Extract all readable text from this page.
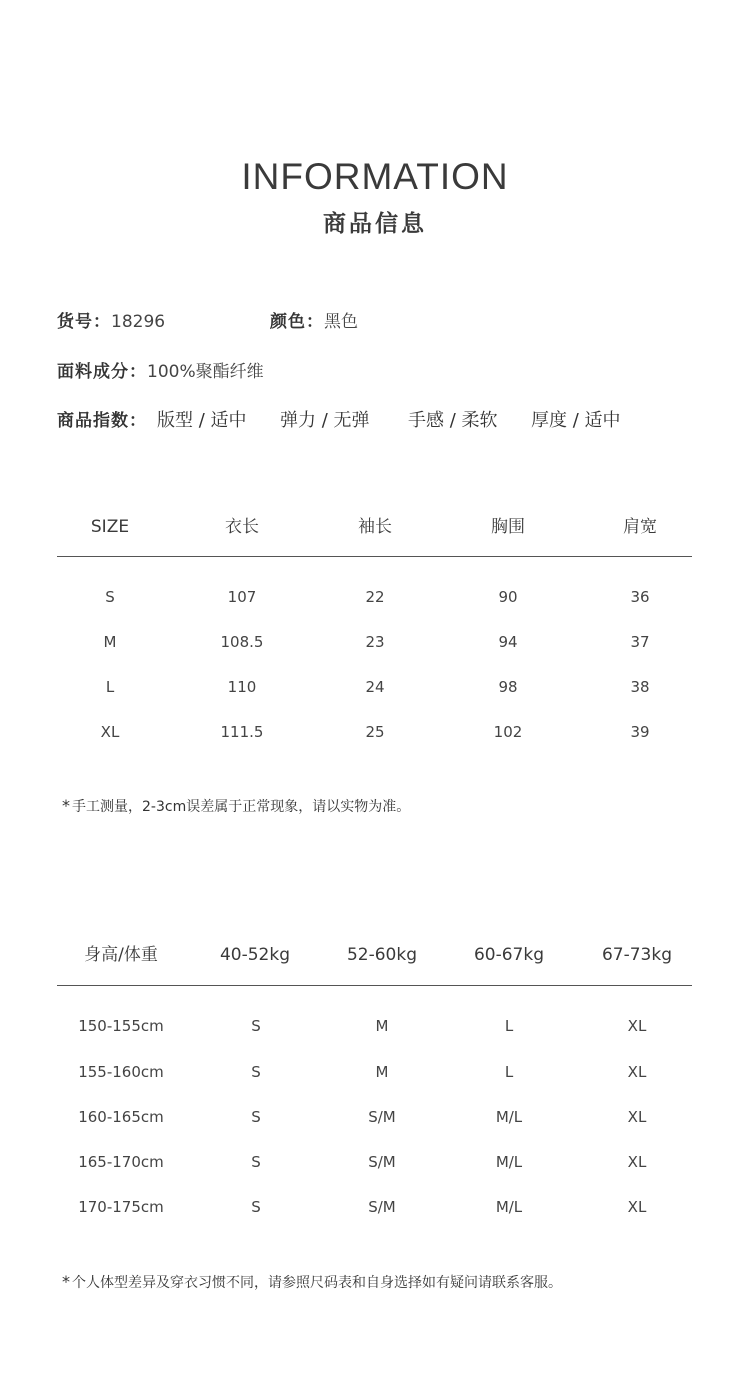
INFORMATION
商品信息
货号：18296	颜色：黑色
面料成分：100%聚酯纤维
商品指数： 版型 / 适中 弹力 / 无弹 手感 / 柔软 厚度 / 适中
SIZE	衣长	袖长	胸围	肩宽
S	107	22	90	36
M	108.5	23	94	37
L	110	24	98	38
XL	111.5	25	102	39
* 手工测量，2-3cm误差属于正常现象，请以实物为准。
身高/体重	40-52kg	52-60kg	60-67kg	67-73kg
150-155cm	S	M	L	XL
155-160cm	S	M	L	XL
160-165cm	S	S/M	M/L	XL
165-170cm	S	S/M	M/L	XL
170-175cm	S	S/M	M/L	XL
* 个人体型差异及穿衣习惯不同，请参照尺码表和自身选择如有疑问请联系客服。
